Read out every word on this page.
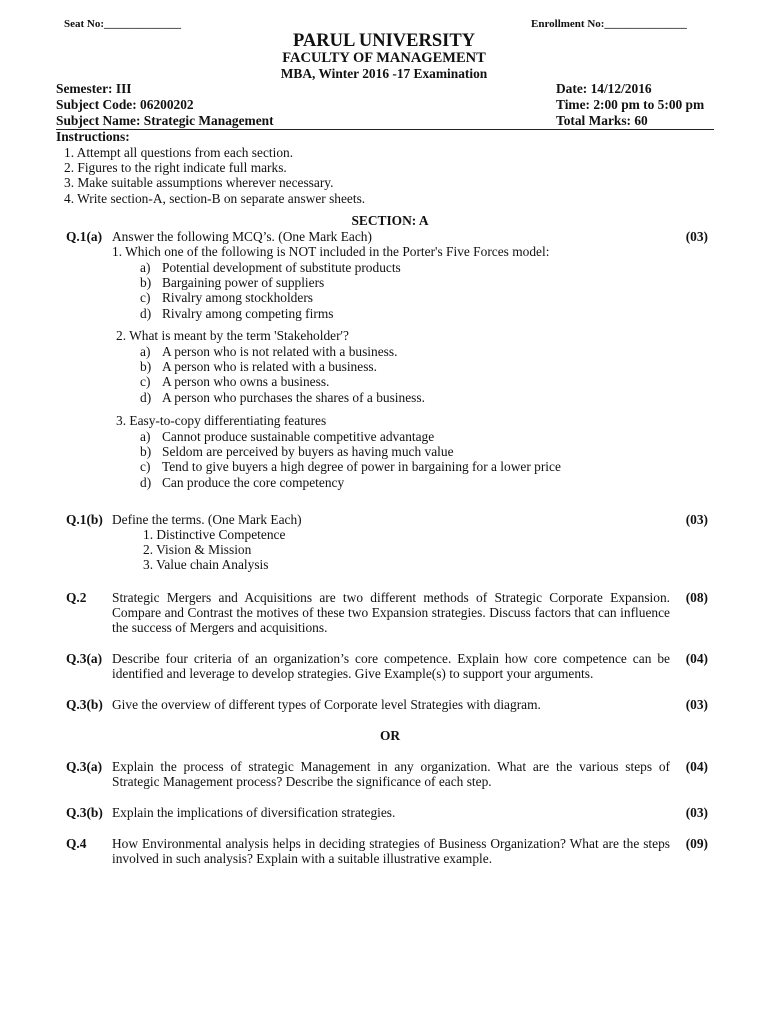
Seat No:______________	Enrollment No:_______________
PARUL UNIVERSITY
FACULTY OF MANAGEMENT
MBA, Winter 2016 -17 Examination
Semester: III
Subject Code: 06200202
Subject Name: Strategic Management
Date: 14/12/2016
Time: 2:00 pm to 5:00 pm
Total Marks: 60
Instructions:
1. Attempt all questions from each section.
2. Figures to the right indicate full marks.
3. Make suitable assumptions wherever necessary.
4. Write section-A, section-B on separate answer sheets.
SECTION: A
Q.1(a) Answer the following MCQ’s. (One Mark Each)	(03)
1. Which one of the following is NOT included in the Porter's Five Forces model:
a) Potential development of substitute products
b) Bargaining power of suppliers
c) Rivalry among stockholders
d) Rivalry among competing firms
2. What is meant by the term 'Stakeholder'?
a) A person who is not related with a business.
b) A person who is related with a business.
c) A person who owns a business.
d) A person who purchases the shares of a business.
3. Easy-to-copy differentiating features
a) Cannot produce sustainable competitive advantage
b) Seldom are perceived by buyers as having much value
c) Tend to give buyers a high degree of power in bargaining for a lower price
d) Can produce the core competency
Q.1(b) Define the terms. (One Mark Each)	(03)
1. Distinctive Competence
2. Vision & Mission
3. Value chain Analysis
Q.2 Strategic Mergers and Acquisitions are two different methods of Strategic Corporate Expansion. Compare and Contrast the motives of these two Expansion strategies. Discuss factors that can influence the success of Mergers and acquisitions.
(08)
Q.3(a) Describe four criteria of an organization’s core competence. Explain how core competence can be identified and leverage to develop strategies. Give Example(s) to support your arguments.
(04)
Q.3(b) Give the overview of different types of Corporate level Strategies with diagram.	(03)
OR
Q.3(a) Explain the process of strategic Management in any organization. What are the various steps of Strategic Management process? Describe the significance of each step.
(04)
Q.3(b) Explain the implications of diversification strategies.	(03)
Q.4 How Environmental analysis helps in deciding strategies of Business Organization? What are the steps involved in such analysis? Explain with a suitable illustrative example.
(09)
